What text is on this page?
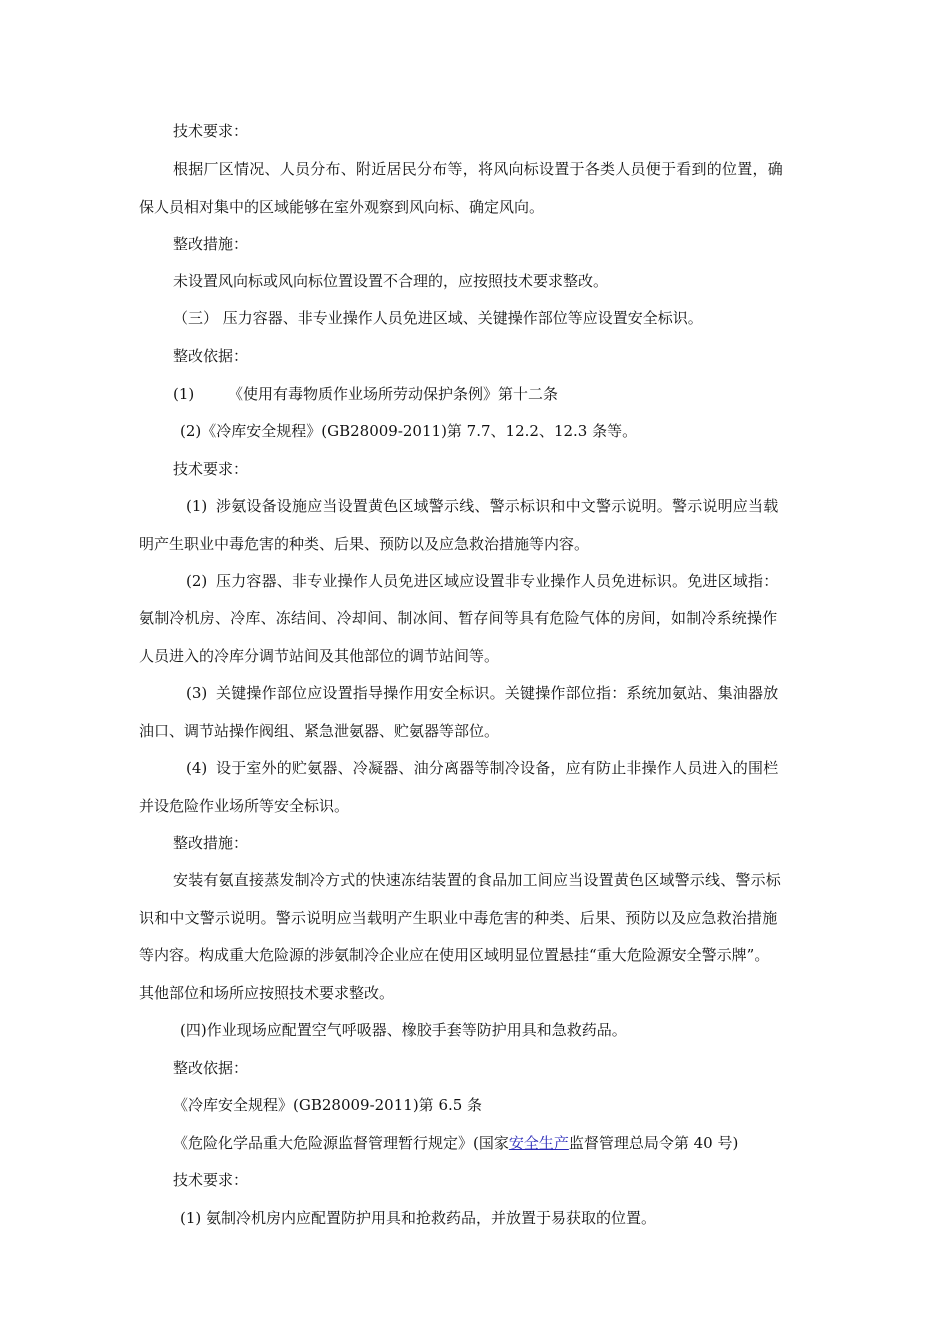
技术要求：
根据厂区情况、人员分布、附近居民分布等，将风向标设置于各类人员便于看到的位置，确
保人员相对集中的区域能够在室外观察到风向标、确定风向。
整改措施：
未设置风向标或风向标位置设置不合理的，应按照技术要求整改。
（三） 压力容器、非专业操作人员免进区域、关键操作部位等应设置安全标识。
整改依据：
(1) 《使用有毒物质作业场所劳动保护条例》第十二条
(2)《冷库安全规程》(GB28009-2011)第 7.7、12.2、12.3 条等。
技术要求：
(1) 涉氨设备设施应当设置黄色区域警示线、警示标识和中文警示说明。警示说明应当载
明产生职业中毒危害的种类、后果、预防以及应急救治措施等内容。
(2) 压力容器、非专业操作人员免进区域应设置非专业操作人员免进标识。免进区域指：
氨制冷机房、冷库、冻结间、冷却间、制冰间、暂存间等具有危险气体的房间，如制冷系统操作
人员进入的冷库分调节站间及其他部位的调节站间等。
(3) 关键操作部位应设置指导操作用安全标识。关键操作部位指：系统加氨站、集油器放
油口、调节站操作阀组、紧急泄氨器、贮氨器等部位。
(4) 设于室外的贮氨器、冷凝器、油分离器等制冷设备，应有防止非操作人员进入的围栏
并设危险作业场所等安全标识。
整改措施：
安装有氨直接蒸发制冷方式的快速冻结装置的食品加工间应当设置黄色区域警示线、警示标
识和中文警示说明。警示说明应当载明产生职业中毒危害的种类、后果、预防以及应急救治措施
等内容。构成重大危险源的涉氨制冷企业应在使用区域明显位置悬挂“重大危险源安全警示牌”。
其他部位和场所应按照技术要求整改。
(四)作业现场应配置空气呼吸器、橡胶手套等防护用具和急救药品。
整改依据：
《冷库安全规程》(GB28009-2011)第 6.5 条
《危险化学品重大危险源监督管理暂行规定》(国家安全生产监督管理总局令第 40 号)
技术要求：
(1) 氨制冷机房内应配置防护用具和抢救药品，并放置于易获取的位置。
